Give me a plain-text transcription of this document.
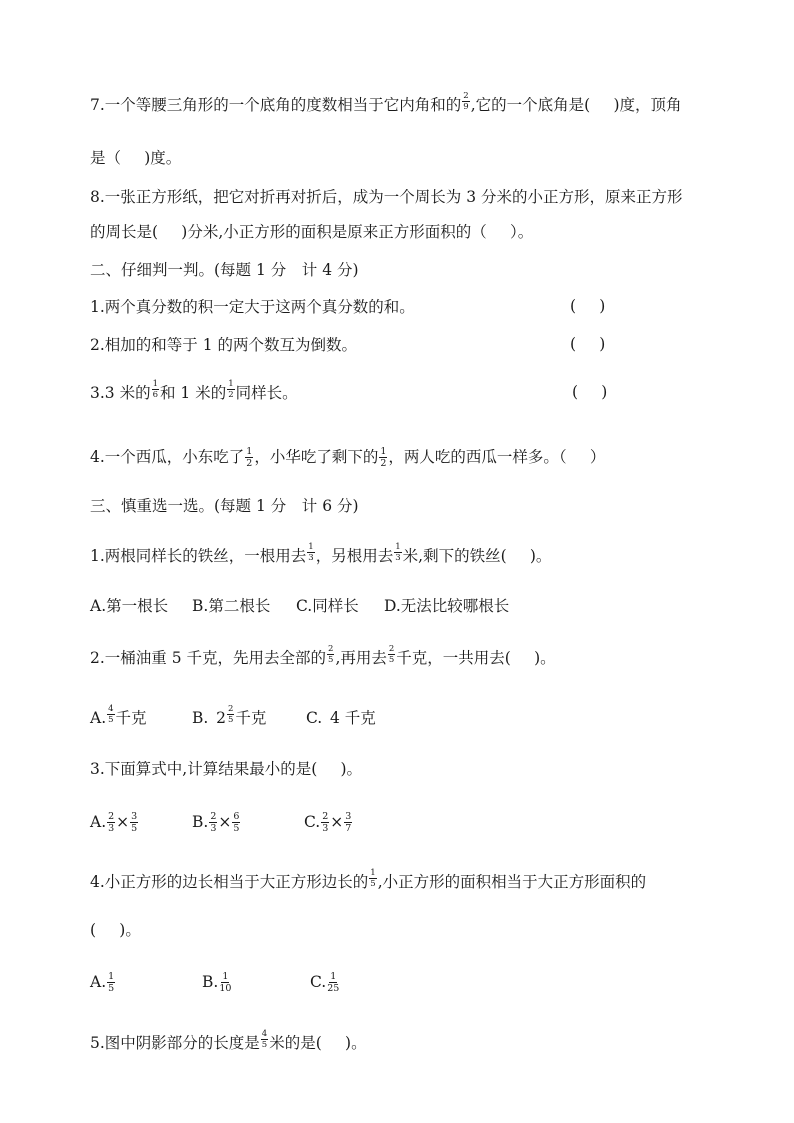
7.一个等腰三角形的一个底角的度数相当于它内角和的 $\frac{2}{9}$ ,它的一个底角是(  )度，顶角
是（  )度。
8.一张正方形纸，把它对折再对折后，成为一个周长为 3 分米的小正方形，原来正方形
的周长是(  )分米,小正方形的面积是原来正方形面积的（  ）。
二、仔细判一判。(每题 1 分 计 4 分)
1.两个真分数的积一定大于这两个真分数的和。	(  )
2.相加的和等于 1 的两个数互为倒数。	(  )
3.3 米的 $\frac{1}{6}$ 和 1 米的 $\frac{1}{2}$ 同样长。	(  )
4.一个西瓜，小东吃了 $\frac{1}{2}$ ，小华吃了剩下的 $\frac{1}{2}$ ，两人吃的西瓜一样多。（  ）
三、慎重选一选。(每题 1 分 计 6 分)
1.两根同样长的铁丝，一根用去 $\frac{1}{3}$ ，另根用去 $\frac{1}{3}$ 米,剩下的铁丝(  )。
A.第一根长 B.第二根长 C.同样长 D.无法比较哪根长
2.一桶油重 5 千克，先用去全部的 $\frac{2}{5}$ ,再用去 $\frac{2}{5}$ 千克，一共用去(  )。
A. $\frac{4}{5}$ 千克	B. $2 \frac{2}{5}$ 千克	C. 4 千克
3.下面算式中,计算结果最小的是(  )。
A. $\frac{2}{3} \times \frac{3}{5}$	B. $\frac{2}{3} \times \frac{6}{5}$	C. $\frac{2}{3} \times \frac{3}{7}$
4.小正方形的边长相当于大正方形边长的 $\frac{1}{5}$ ,小正方形的面积相当于大正方形面积的
(  )。
A. $\frac{1}{5}$	B. $\frac{1}{10}$	C. $\frac{1}{25}$
5.图中阴影部分的长度是 $\frac{4}{5}$ 米的是(  )。
